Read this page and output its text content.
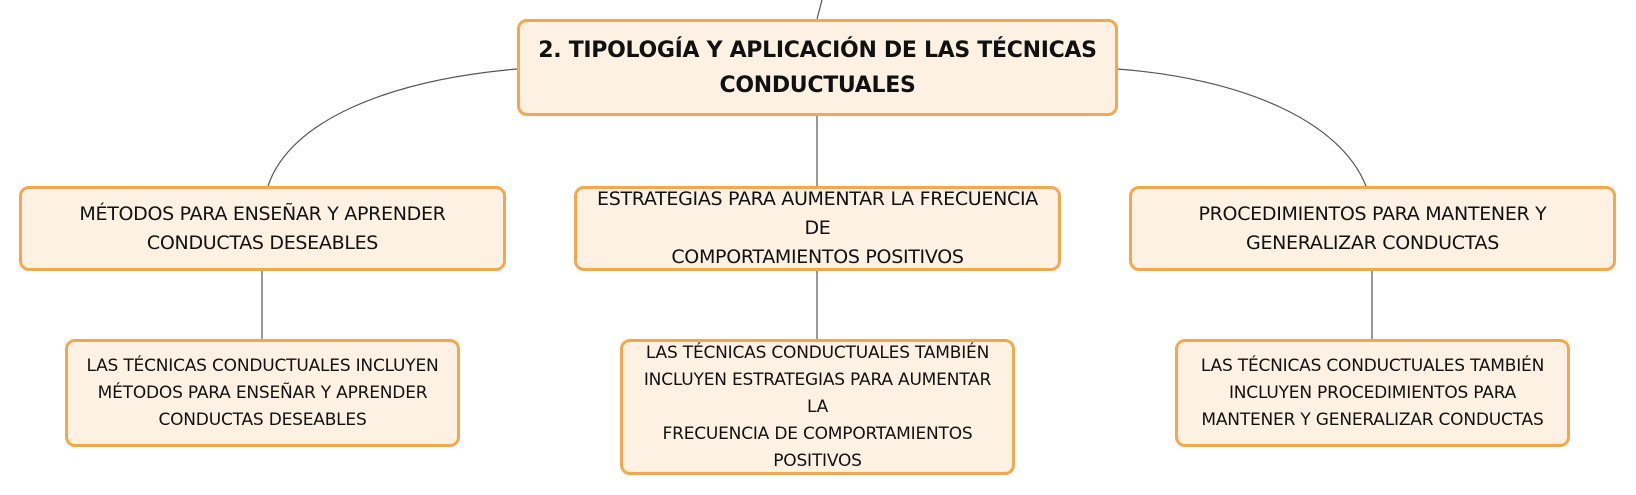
2. TIPOLOGÍA Y APLICACIÓN DE LAS TÉCNICAS
CONDUCTUALES
MÉTODOS PARA ENSEÑAR Y APRENDER
CONDUCTAS DESEABLES
ESTRATEGIAS PARA AUMENTAR LA FRECUENCIA DE
COMPORTAMIENTOS POSITIVOS
PROCEDIMIENTOS PARA MANTENER Y
GENERALIZAR CONDUCTAS
LAS TÉCNICAS CONDUCTUALES INCLUYEN
MÉTODOS PARA ENSEÑAR Y APRENDER
CONDUCTAS DESEABLES
LAS TÉCNICAS CONDUCTUALES TAMBIÉN
INCLUYEN ESTRATEGIAS PARA AUMENTAR LA
FRECUENCIA DE COMPORTAMIENTOS
POSITIVOS
LAS TÉCNICAS CONDUCTUALES TAMBIÉN
INCLUYEN PROCEDIMIENTOS PARA
MANTENER Y GENERALIZAR CONDUCTAS
